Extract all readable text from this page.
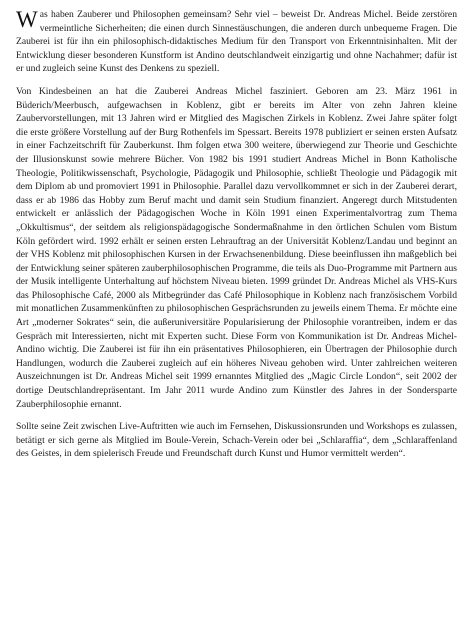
Was haben Zauberer und Philosophen gemeinsam? Sehr viel – beweist Dr. Andreas Michel. Beide zerstören vermeintliche Sicherheiten; die einen durch Sinnestäuschungen, die anderen durch unbequeme Fragen. Die Zauberei ist für ihn ein philosophisch-didaktisches Medium für den Transport von Erkenntnisinhalten. Mit der Entwicklung dieser besonderen Kunstform ist Andino deutschlandweit einzigartig und ohne Nachahmer; dafür ist er und zugleich seine Kunst des Denkens zu speziell.

Von Kindesbeinen an hat die Zauberei Andreas Michel fasziniert. Geboren am 23. März 1961 in Büderich/Meerbusch, aufgewachsen in Koblenz, gibt er bereits im Alter von zehn Jahren kleine Zaubervorstellungen, mit 13 Jahren wird er Mitglied des Magischen Zirkels in Koblenz. Zwei Jahre später folgt die erste größere Vorstellung auf der Burg Rothenfels im Spessart. Bereits 1978 publiziert er seinen ersten Aufsatz in einer Fachzeitschrift für Zauberkunst. Ihm folgen etwa 300 weitere, überwiegend zur Theorie und Geschichte der Illusionskunst sowie mehrere Bücher. Von 1982 bis 1991 studiert Andreas Michel in Bonn Katholische Theologie, Politikwissenschaft, Psychologie, Pädagogik und Philosophie, schließt Theologie und Pädagogik mit dem Diplom ab und promoviert 1991 in Philosophie. Parallel dazu vervollkommnet er sich in der Zauberei derart, dass er ab 1986 das Hobby zum Beruf macht und damit sein Studium finanziert. Angeregt durch Mitstudenten entwickelt er anlässlich der Pädagogischen Woche in Köln 1991 einen Experimentalvortrag zum Thema „Okkultismus“, der seitdem als religionspädagogische Sondermaßnahme in den örtlichen Schulen vom Bistum Köln gefördert wird. 1992 erhält er seinen ersten Lehrauftrag an der Universität Koblenz/Landau und beginnt an der VHS Koblenz mit philosophischen Kursen in der Erwachsenenbildung. Diese beeinflussen ihn maßgeblich bei der Entwicklung seiner späteren zauberphilosophischen Programme, die teils als Duo-Programme mit Partnern aus der Musik intelligente Unterhaltung auf höchstem Niveau bieten. 1999 gründet Dr. Andreas Michel als VHS-Kurs das Philosophische Café, 2000 als Mitbegründer das Café Philosophique in Koblenz nach französischem Vorbild mit monatlichen Zusammenkünften zu philosophischen Gesprächsrunden zu jeweils einem Thema. Er möchte eine Art „moderner Sokrates“ sein, die außeruniversitäre Popularisierung der Philosophie vorantreiben, indem er das Gespräch mit Interessierten, nicht mit Experten sucht. Diese Form von Kommunikation ist Dr. Andreas Michel-Andino wichtig. Die Zauberei ist für ihn ein präsentatives Philosophieren, ein Übertragen der Philosophie durch Handlungen, wodurch die Zauberei zugleich auf ein höheres Niveau gehoben wird. Unter zahlreichen weiteren Auszeichnungen ist Dr. Andreas Michel seit 1999 ernanntes Mitglied des „Magic Circle London“, seit 2002 der dortige Deutschlandrepräsentant. Im Jahr 2011 wurde Andino zum Künstler des Jahres in der Sondersparte Zauberphilosophie ernannt.

Sollte seine Zeit zwischen Live-Auftritten wie auch im Fernsehen, Diskussionsrunden und Workshops es zulassen, betätigt er sich gerne als Mitglied im Boule-Verein, Schach-Verein oder bei „Schlaraffia“, dem „Schlaraffenland des Geistes, in dem spielerisch Freude und Freundschaft durch Kunst und Humor vermittelt werden“.
